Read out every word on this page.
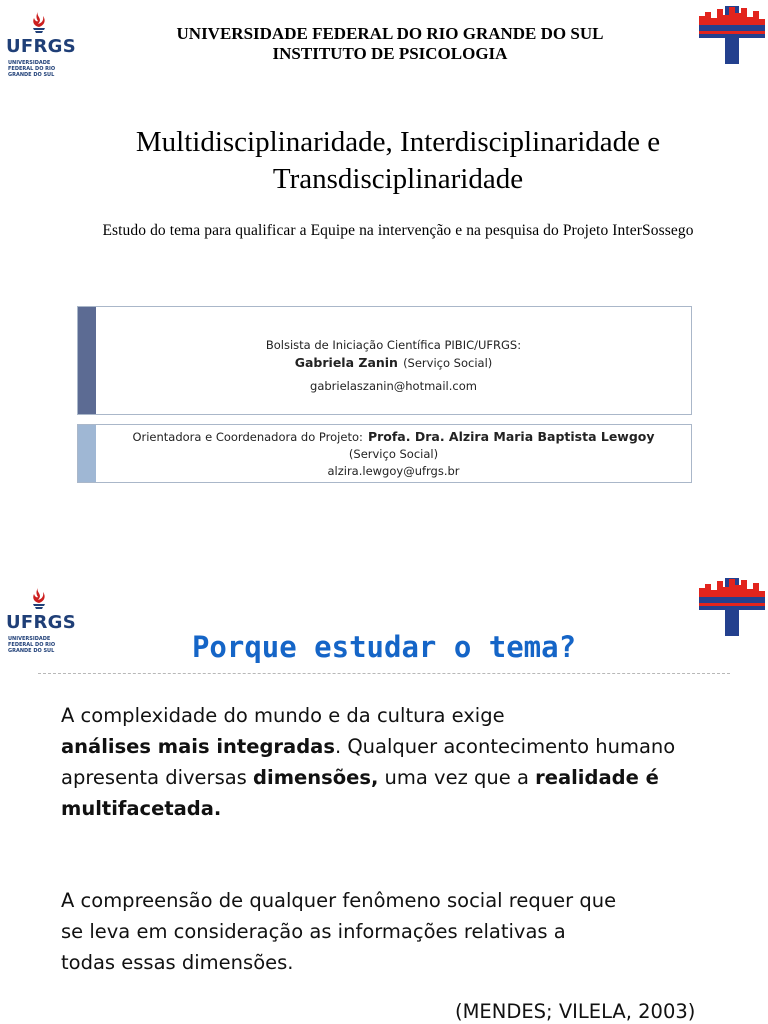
UFRGS
UNIVERSIDADE FEDERAL DO RIO GRANDE DO SUL
UNIVERSIDADE FEDERAL DO RIO GRANDE DO SUL
INSTITUTO DE PSICOLOGIA
Multidisciplinaridade, Interdisciplinaridade e
Transdisciplinaridade
Estudo do tema para qualificar a Equipe na intervenção e na pesquisa do Projeto InterSossego
Bolsista de Iniciação Científica PIBIC/UFRGS:
Gabriela Zanin (Serviço Social)
gabrielaszanin@hotmail.com
Orientadora e Coordenadora do Projeto: Profa. Dra. Alzira Maria Baptista Lewgoy
(Serviço Social)
alzira.lewgoy@ufrgs.br
UFRGS
UNIVERSIDADE FEDERAL DO RIO GRANDE DO SUL	Porque estudar o tema?
A complexidade do mundo e da cultura exige
análises mais integradas. Qualquer acontecimento humano apresenta diversas dimensões, uma vez que a realidade é multifacetada.
A compreensão de qualquer fenômeno social requer que se leva em consideração as informações relativas a todas essas dimensões.
(MENDES; VILELA, 2003)
